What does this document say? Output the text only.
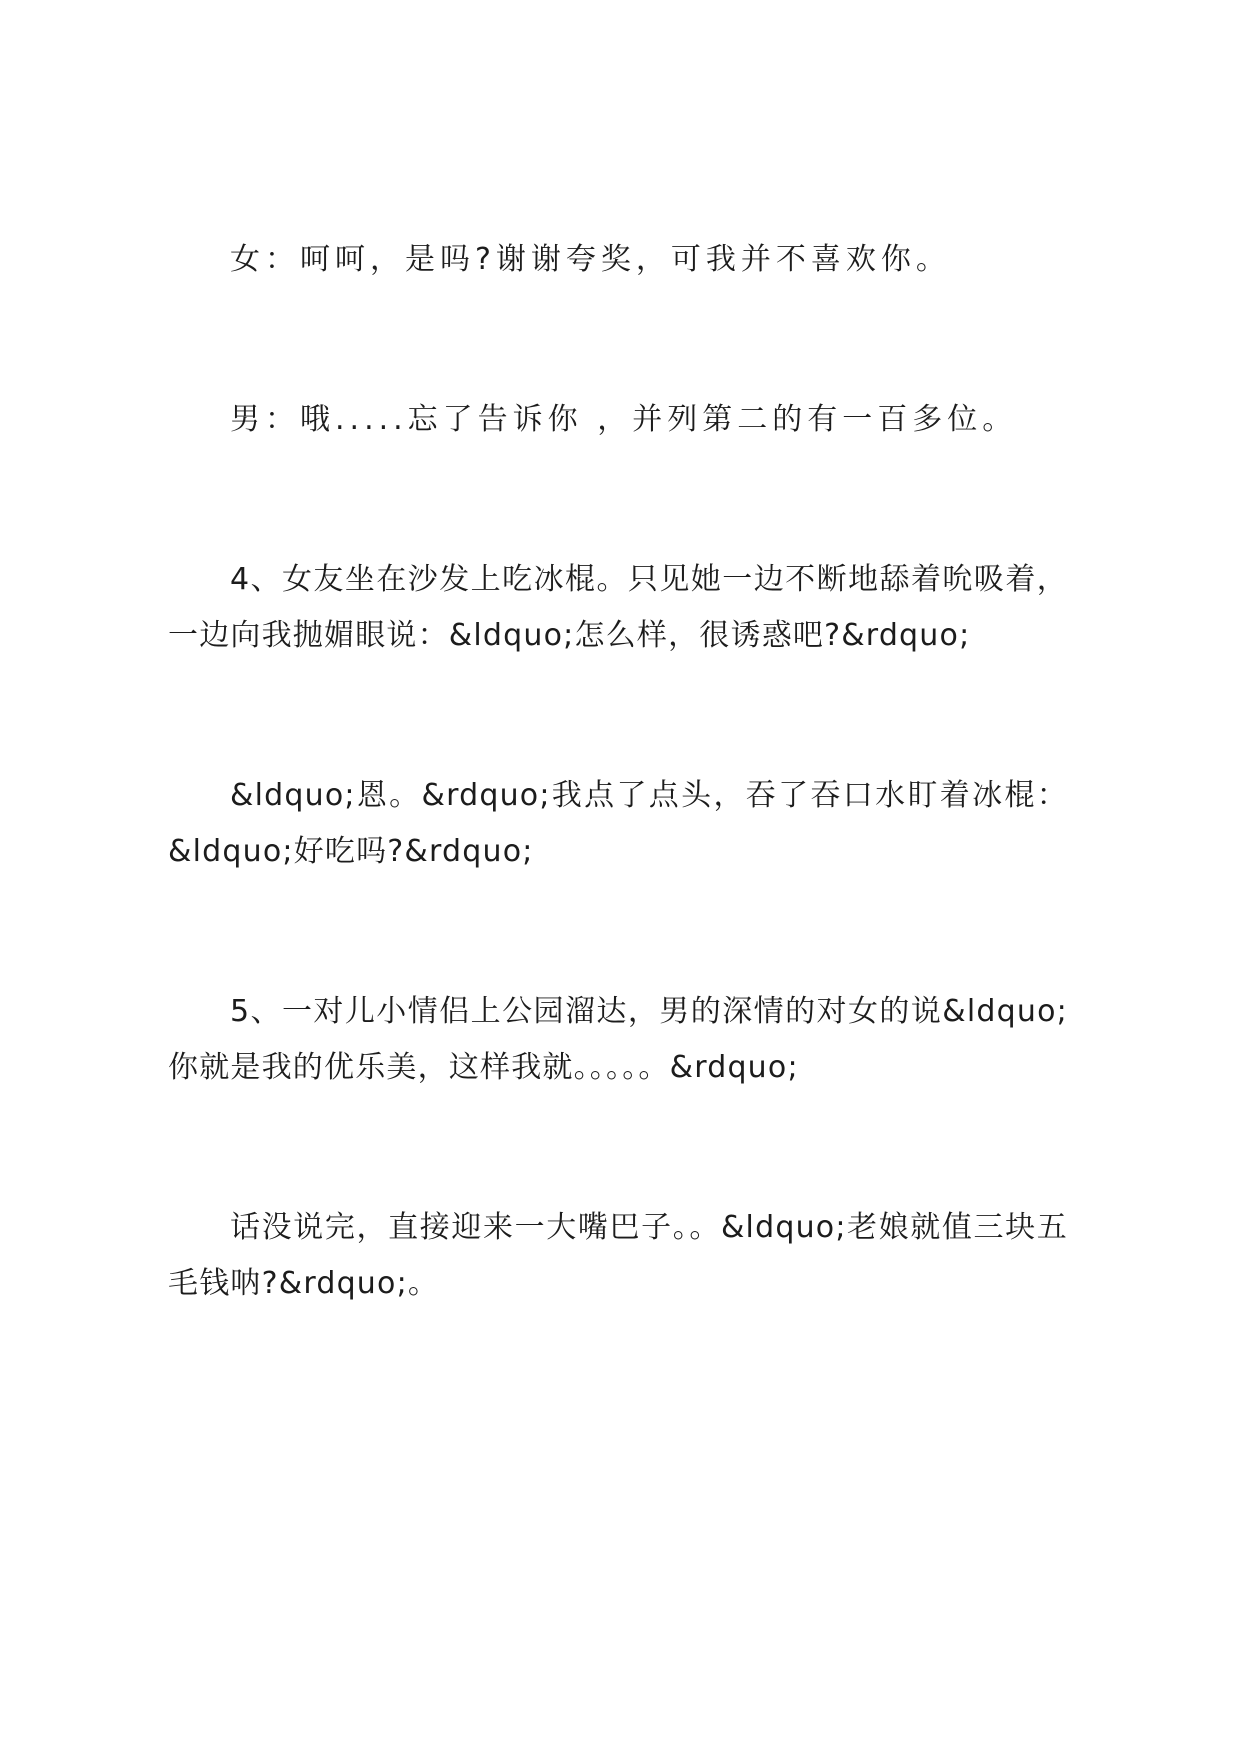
女：呵呵，是吗?谢谢夸奖，可我并不喜欢你。

男：哦.....忘了告诉你 ，并列第二的有一百多位。

4、女友坐在沙发上吃冰棍。只见她一边不断地舔着吮吸着，一边向我抛媚眼说：&ldquo;怎么样，很诱惑吧?&rdquo;

&ldquo;恩。&rdquo;我点了点头，吞了吞口水盯着冰棍：&ldquo;好吃吗?&rdquo;

5、一对儿小情侣上公园溜达，男的深情的对女的说&ldquo;你就是我的优乐美，这样我就。。。。。&rdquo;

话没说完，直接迎来一大嘴巴子。。&ldquo;老娘就值三块五毛钱呐?&rdquo;。
